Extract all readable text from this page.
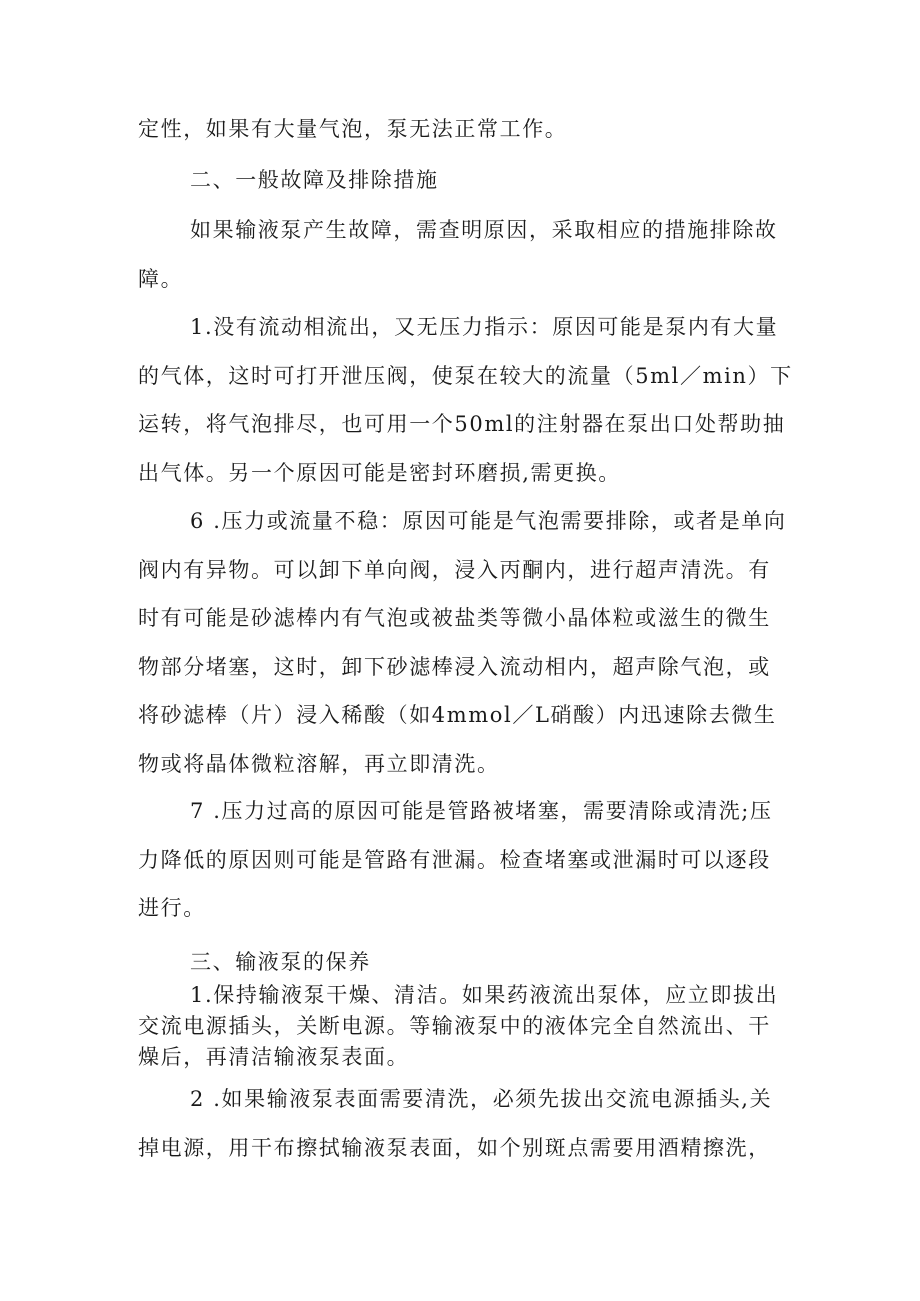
定性，如果有大量气泡，泵无法正常工作。

二、一般故障及排除措施

如果输液泵产生故障，需查明原因，采取相应的措施排除故障。

1.没有流动相流出，又无压力指示：原因可能是泵内有大量的气体，这时可打开泄压阀，使泵在较大的流量（5ml／min）下运转，将气泡排尽，也可用一个50ml的注射器在泵出口处帮助抽出气体。另一个原因可能是密封环磨损,需更换。

6 .压力或流量不稳：原因可能是气泡需要排除，或者是单向阀内有异物。可以卸下单向阀，浸入丙酮内，进行超声清洗。有时有可能是砂滤棒内有气泡或被盐类等微小晶体粒或滋生的微生物部分堵塞，这时，卸下砂滤棒浸入流动相内，超声除气泡，或将砂滤棒（片）浸入稀酸（如4mmol／L硝酸）内迅速除去微生物或将晶体微粒溶解，再立即清洗。

7 .压力过高的原因可能是管路被堵塞，需要清除或清洗;压力降低的原因则可能是管路有泄漏。检查堵塞或泄漏时可以逐段进行。

三、输液泵的保养

1.保持输液泵干燥、清洁。如果药液流出泵体，应立即拔出交流电源插头，关断电源。等输液泵中的液体完全自然流出、干燥后，再清洁输液泵表面。

2 .如果输液泵表面需要清洗，必须先拔出交流电源插头,关掉电源，用干布擦拭输液泵表面，如个别斑点需要用酒精擦洗，
